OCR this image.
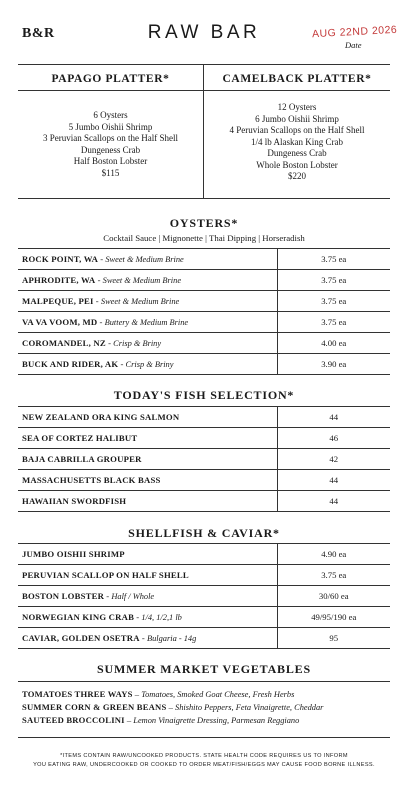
B&R	RAW BAR	AUG 22ND 2026
Date
PAPAGO PLATTER*
6 Oysters
5 Jumbo Oishii Shrimp
3 Peruvian Scallops on the Half Shell
Dungeness Crab
Half Boston Lobster
$115
CAMELBACK PLATTER*
12 Oysters
6 Jumbo Oishii Shrimp
4 Peruvian Scallops on the Half Shell
1/4 lb Alaskan King Crab
Dungeness Crab
Whole Boston Lobster
$220
OYSTERS*
Cocktail Sauce | Mignonette | Thai Dipping | Horseradish
ROCK POINT, WA - Sweet & Medium Brine	3.75 ea
APHRODITE, WA - Sweet & Medium Brine	3.75 ea
MALPEQUE, PEI - Sweet & Medium Brine	3.75 ea
VA VA VOOM, MD - Buttery & Medium Brine	3.75 ea
COROMANDEL, NZ - Crisp & Briny	4.00 ea
BUCK AND RIDER, AK - Crisp & Briny	3.90 ea
TODAY'S FISH SELECTION*
NEW ZEALAND ORA KING SALMON	44
SEA OF CORTEZ HALIBUT	46
BAJA CABRILLA GROUPER	42
MASSACHUSETTS BLACK BASS	44
HAWAIIAN SWORDFISH	44
SHELLFISH & CAVIAR*
JUMBO OISHII SHRIMP	4.90 ea
PERUVIAN SCALLOP ON HALF SHELL	3.75 ea
BOSTON LOBSTER - Half / Whole	30/60 ea
NORWEGIAN KING CRAB - 1/4, 1/2,1 lb	49/95/190 ea
CAVIAR, GOLDEN OSETRA - Bulgaria - 14g	95
SUMMER MARKET VEGETABLES
TOMATOES THREE WAYS – Tomatoes, Smoked Goat Cheese, Fresh Herbs
SUMMER CORN & GREEN BEANS – Shishito Peppers, Feta Vinaigrette, Cheddar
SAUTEED BROCCOLINI – Lemon Vinaigrette Dressing, Parmesan Reggiano
*ITEMS CONTAIN RAW/UNCOOKED PRODUCTS. STATE HEALTH CODE REQUIRES US TO INFORM
YOU EATING RAW, UNDERCOOKED OR COOKED TO ORDER MEAT/FISH/EGGS MAY CAUSE FOOD BORNE ILLNESS.
